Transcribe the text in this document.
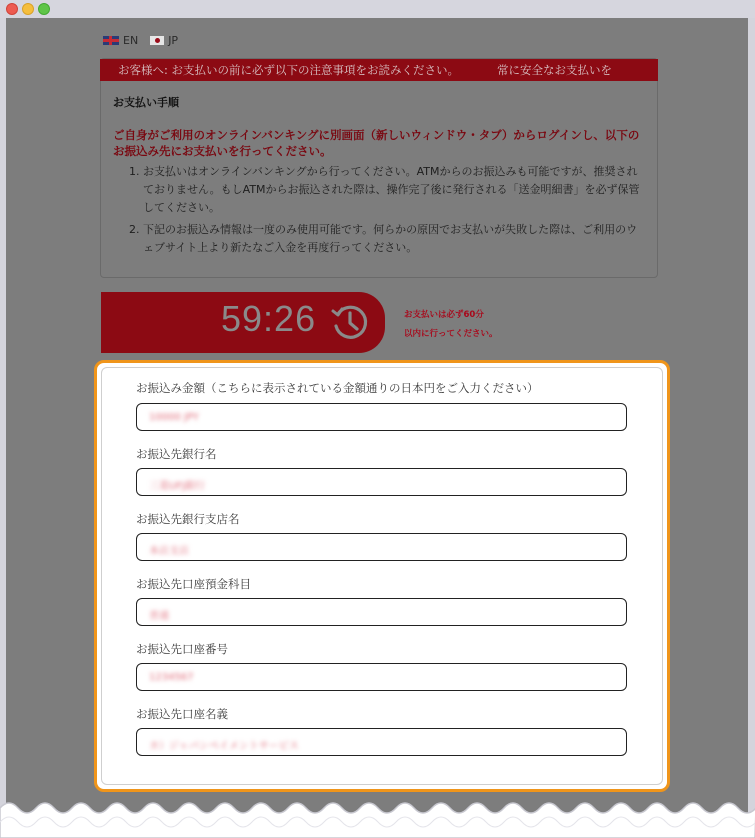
EN	JP
お客様へ: お支払いの前に必ず以下の注意事項をお読みください。	常に安全なお支払いを
お支払い手順
ご自身がご利用のオンラインバンキングに別画面（新しいウィンドウ・タブ）からログインし、以下のお振込み先にお支払いを行ってください。
1. お支払いはオンラインバンキングから行ってください。ATMからのお振込みも可能ですが、推奨されておりません。もしATMからお振込された際は、操作完了後に発行される「送金明細書」を必ず保管してください。
2. 下記のお振込み情報は一度のみ使用可能です。何らかの原因でお支払いが失敗した際は、ご利用のウェブサイト上より新たなご入金を再度行ってください。
59:26	お支払いは必ず60分
以内に行ってください。
お振込み金額（こちらに表示されている金額通りの日本円をご入力ください）
10000 JPY
お振込先銀行名
三菱UFJ銀行
お振込先銀行支店名
本店支店
お振込先口座預金科目
普通
お振込先口座番号
1234567
お振込先口座名義
カ）ジャパンペイメントサービス
